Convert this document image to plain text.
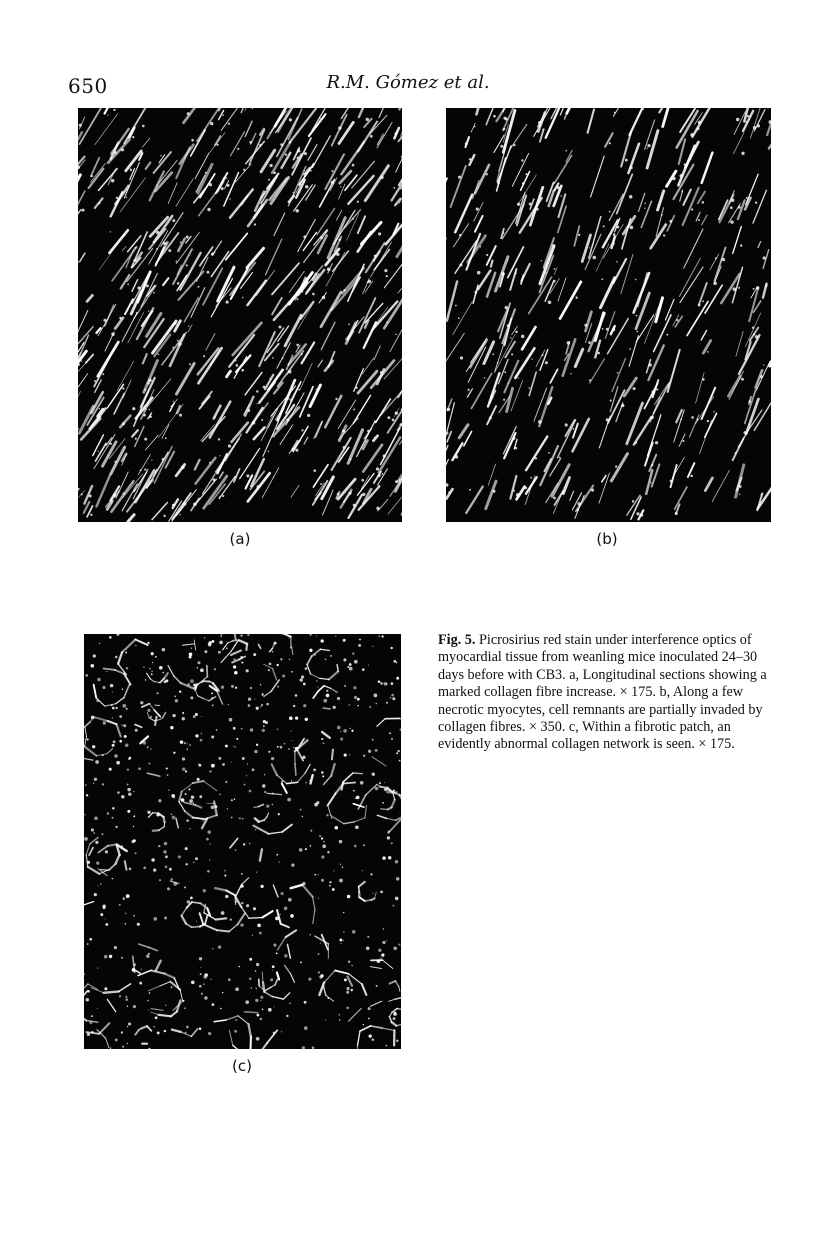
650	R.M. Gómez et al.
(a)	(b)
(c)
Fig. 5. Picrosirius red stain under interference optics of myocardial tissue from weanling mice inoculated 24–30 days before with CB3. a, Longitudinal sections showing a marked collagen fibre increase. × 175. b, Along a few necrotic myocytes, cell remnants are partially invaded by collagen fibres. × 350. c, Within a fibrotic patch, an evidently abnormal collagen network is seen. × 175.
